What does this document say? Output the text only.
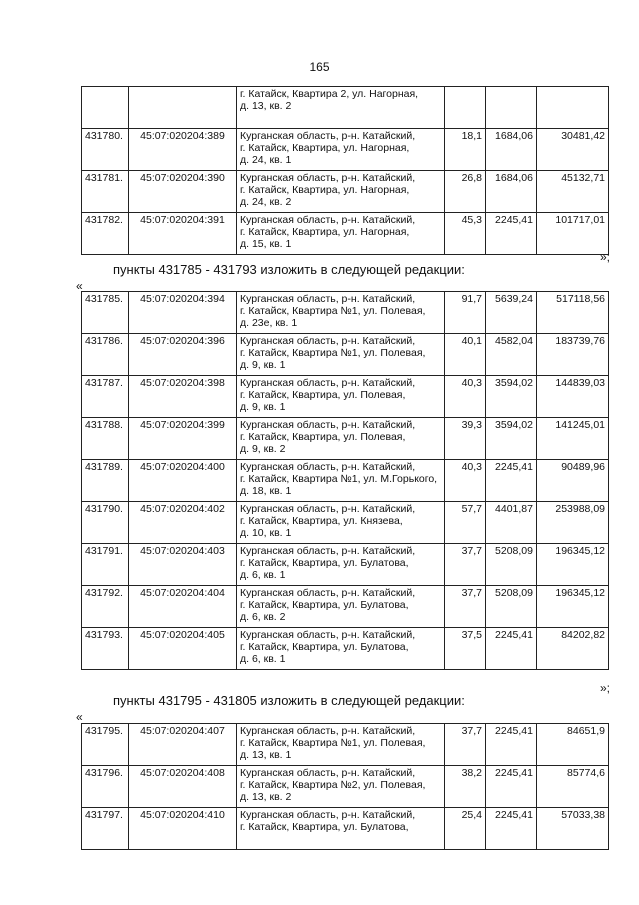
165
		г. Катайск, Квартира 2, ул. Нагорная,
д. 13, кв. 2			
431780.	45:07:020204:389	Курганская область, р-н. Катайский,
г. Катайск, Квартира, ул. Нагорная,
д. 24, кв. 1	18,1	1684,06	30481,42
431781.	45:07:020204:390	Курганская область, р-н. Катайский,
г. Катайск, Квартира, ул. Нагорная,
д. 24, кв. 2	26,8	1684,06	45132,71
431782.	45:07:020204:391	Курганская область, р-н. Катайский,
г. Катайск, Квартира, ул. Нагорная,
д. 15, кв. 1	45,3	2245,41	101717,01
»;
пункты 431785 - 431793 изложить в следующей редакции:
«
431785.	45:07:020204:394	Курганская область, р-н. Катайский,
г. Катайск, Квартира №1, ул. Полевая,
д. 23е, кв. 1	91,7	5639,24	517118,56
431786.	45:07:020204:396	Курганская область, р-н. Катайский,
г. Катайск, Квартира №1, ул. Полевая,
д. 9, кв. 1	40,1	4582,04	183739,76
431787.	45:07:020204:398	Курганская область, р-н. Катайский,
г. Катайск, Квартира, ул. Полевая,
д. 9, кв. 1	40,3	3594,02	144839,03
431788.	45:07:020204:399	Курганская область, р-н. Катайский,
г. Катайск, Квартира, ул. Полевая,
д. 9, кв. 2	39,3	3594,02	141245,01
431789.	45:07:020204:400	Курганская область, р-н. Катайский,
г. Катайск, Квартира №1, ул. М.Горького,
д. 18, кв. 1	40,3	2245,41	90489,96
431790.	45:07:020204:402	Курганская область, р-н. Катайский,
г. Катайск, Квартира, ул. Князева,
д. 10, кв. 1	57,7	4401,87	253988,09
431791.	45:07:020204:403	Курганская область, р-н. Катайский,
г. Катайск, Квартира, ул. Булатова,
д. 6, кв. 1	37,7	5208,09	196345,12
431792.	45:07:020204:404	Курганская область, р-н. Катайский,
г. Катайск, Квартира, ул. Булатова,
д. 6, кв. 2	37,7	5208,09	196345,12
431793.	45:07:020204:405	Курганская область, р-н. Катайский,
г. Катайск, Квартира, ул. Булатова,
д. 6, кв. 1	37,5	2245,41	84202,82
»;
пункты 431795 - 431805 изложить в следующей редакции:
«
431795.	45:07:020204:407	Курганская область, р-н. Катайский,
г. Катайск, Квартира №1, ул. Полевая,
д. 13, кв. 1	37,7	2245,41	84651,9
431796.	45:07:020204:408	Курганская область, р-н. Катайский,
г. Катайск, Квартира №2, ул. Полевая,
д. 13, кв. 2	38,2	2245,41	85774,6
431797.	45:07:020204:410	Курганская область, р-н. Катайский,
г. Катайск, Квартира, ул. Булатова,	25,4	2245,41	57033,38
